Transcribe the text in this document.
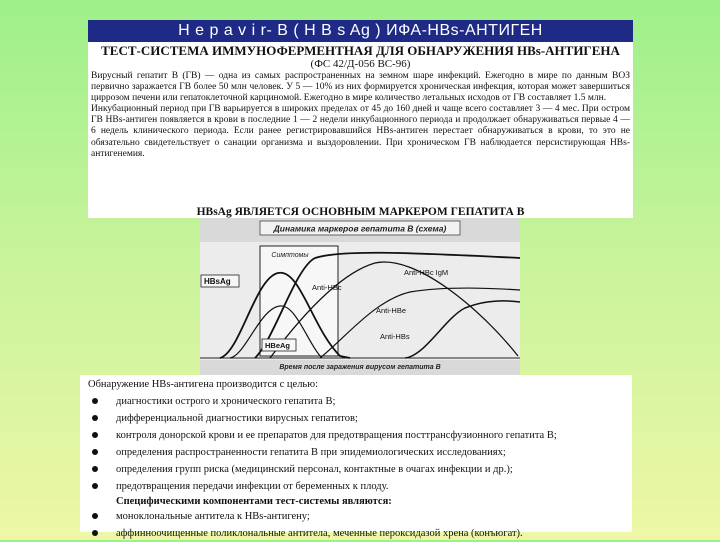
H e p a v i r- B ( H B s Ag ) ИФА-HBs-АНТИГЕН
ТЕСТ-СИСТЕМА ИММУНОФЕРМЕНТНАЯ ДЛЯ ОБНАРУЖЕНИЯ HBs-АНТИГЕНА
(ФС 42/Д-056 ВС-96)
Вирусный гепатит В (ГВ) — одна из самых распространенных на земном шаре инфекций. Ежегодно в мире по данным ВОЗ первично заражается ГВ более 50 млн человек. У 5 — 10% из них формируется хроническая инфекция, которая может завершиться циррозом печени или гепатоклеточной карциномой. Ежегодно в мире количество летальных исходов от ГВ составляет 1.5 млн.
Инкубационный период при ГВ варьируется в широких пределах от 45 до 160 дней и чаще всего составляет 3 — 4 мес. При остром ГВ HBs-антиген появляется в крови в последние 1 — 2 недели инкубационного периода и продолжает обнаруживаться первые 4 — 6 недель клинического периода. Если ранее регистрировавшийся HBs-антиген перестает обнаруживаться в крови, то это не обязательно свидетельствует о санации организма и выздоровлении. При хроническом ГВ наблюдается персистирующая HBs-антигенемия.
HBsAg ЯВЛЯЕТСЯ ОСНОВНЫМ МАРКЕРОМ ГЕПАТИТА В
Динамика маркеров гепатита В (схема)
Симптомы
HBsAg
Anti-HBc
Anti-HBc IgM
Anti-HBe
Anti-HBs
HBeAg
Время после заражения вирусом гепатита В
Обнаружение HBs-антигена производится с целью:
диагностики острого и хронического гепатита В;
дифференциальной диагностики вирусных гепатитов;
контроля донорской крови и ее препаратов для предотвращения посттрансфузионного гепатита В;
определения распространенности гепатита В при эпидемиологических исследованиях;
определения групп риска (медицинский персонал, контактные в очагах инфекции и др.);
предотвращения передачи инфекции от беременных к плоду.
Специфическими компонентами тест-системы являются:
моноклональные антитела к HBs-антигену;
аффинноочищенные поликлональные антитела, меченные пероксидазой хрена (конъюгат).
